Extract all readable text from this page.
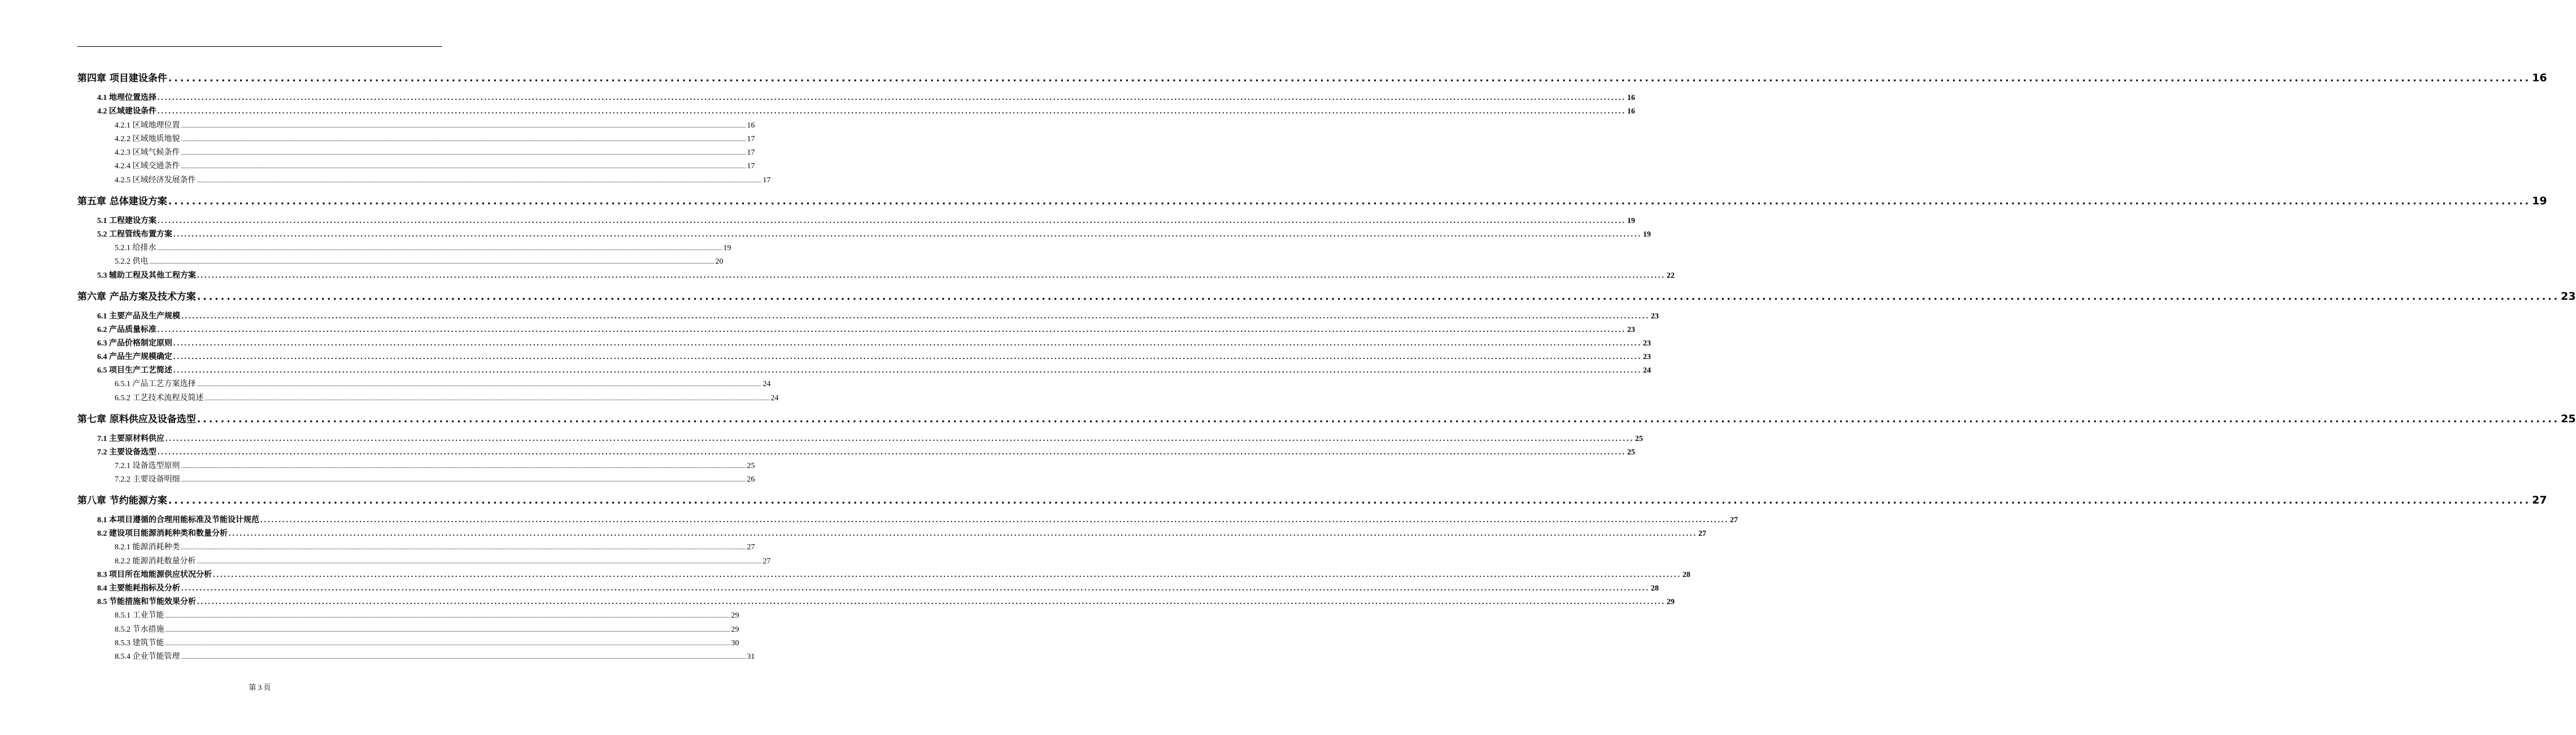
第四章 项目建设条件 ................................................................................................................................................................................................................................................................................................................................................................................................................ 16
4.1 地理位置选择 ................................................................................................................................................................................................................................................................................................................................................................................................................ 16
4.2 区域建设条件 ................................................................................................................................................................................................................................................................................................................................................................................................................ 16
4.2.1 区域地理位置 ................................................................................................................................................................................................................................................................................................................................................................................................................ 16
4.2.2 区域地质地貌 ................................................................................................................................................................................................................................................................................................................................................................................................................ 17
4.2.3 区域气候条件 ................................................................................................................................................................................................................................................................................................................................................................................................................ 17
4.2.4 区域交通条件 ................................................................................................................................................................................................................................................................................................................................................................................................................ 17
4.2.5 区域经济发展条件 ................................................................................................................................................................................................................................................................................................................................................................................................................ 17
第五章 总体建设方案 ................................................................................................................................................................................................................................................................................................................................................................................................................ 19
5.1 工程建设方案 ................................................................................................................................................................................................................................................................................................................................................................................................................ 19
5.2 工程管线布置方案 ................................................................................................................................................................................................................................................................................................................................................................................................................ 19
5.2.1 给排水 ................................................................................................................................................................................................................................................................................................................................................................................................................ 19
5.2.2 供电 ................................................................................................................................................................................................................................................................................................................................................................................................................ 20
5.3 辅助工程及其他工程方案 ................................................................................................................................................................................................................................................................................................................................................................................................................ 22
第六章 产品方案及技术方案 ................................................................................................................................................................................................................................................................................................................................................................................................................ 23
6.1 主要产品及生产规模 ................................................................................................................................................................................................................................................................................................................................................................................................................ 23
6.2 产品质量标准 ................................................................................................................................................................................................................................................................................................................................................................................................................ 23
6.3 产品价格制定原则 ................................................................................................................................................................................................................................................................................................................................................................................................................ 23
6.4 产品生产规模确定 ................................................................................................................................................................................................................................................................................................................................................................................................................ 23
6.5 项目生产工艺简述 ................................................................................................................................................................................................................................................................................................................................................................................................................ 24
6.5.1 产品工艺方案选择 ................................................................................................................................................................................................................................................................................................................................................................................................................ 24
6.5.2 工艺技术流程及简述 ................................................................................................................................................................................................................................................................................................................................................................................................................ 24
第七章 原料供应及设备选型 ................................................................................................................................................................................................................................................................................................................................................................................................................ 25
7.1 主要原材料供应 ................................................................................................................................................................................................................................................................................................................................................................................................................ 25
7.2 主要设备选型 ................................................................................................................................................................................................................................................................................................................................................................................................................ 25
7.2.1 设备选型原则 ................................................................................................................................................................................................................................................................................................................................................................................................................ 25
7.2.2 主要设备明细 ................................................................................................................................................................................................................................................................................................................................................................................................................ 26
第八章 节约能源方案 ................................................................................................................................................................................................................................................................................................................................................................................................................ 27
8.1 本项目遵循的合理用能标准及节能设计规范 ................................................................................................................................................................................................................................................................................................................................................................................................................ 27
8.2 建设项目能源消耗种类和数量分析 ................................................................................................................................................................................................................................................................................................................................................................................................................ 27
8.2.1 能源消耗种类 ................................................................................................................................................................................................................................................................................................................................................................................................................ 27
8.2.2 能源消耗数量分析 ................................................................................................................................................................................................................................................................................................................................................................................................................ 27
8.3 项目所在地能源供应状况分析 ................................................................................................................................................................................................................................................................................................................................................................................................................ 28
8.4 主要能耗指标及分析 ................................................................................................................................................................................................................................................................................................................................................................................................................ 28
8.5 节能措施和节能效果分析 ................................................................................................................................................................................................................................................................................................................................................................................................................ 29
8.5.1 工业节能 ................................................................................................................................................................................................................................................................................................................................................................................................................ 29
8.5.2 节水措施 ................................................................................................................................................................................................................................................................................................................................................................................................................ 29
8.5.3 建筑节能 ................................................................................................................................................................................................................................................................................................................................................................................................................ 30
8.5.4 企业节能管理 ................................................................................................................................................................................................................................................................................................................................................................................................................ 31
第 3 页
